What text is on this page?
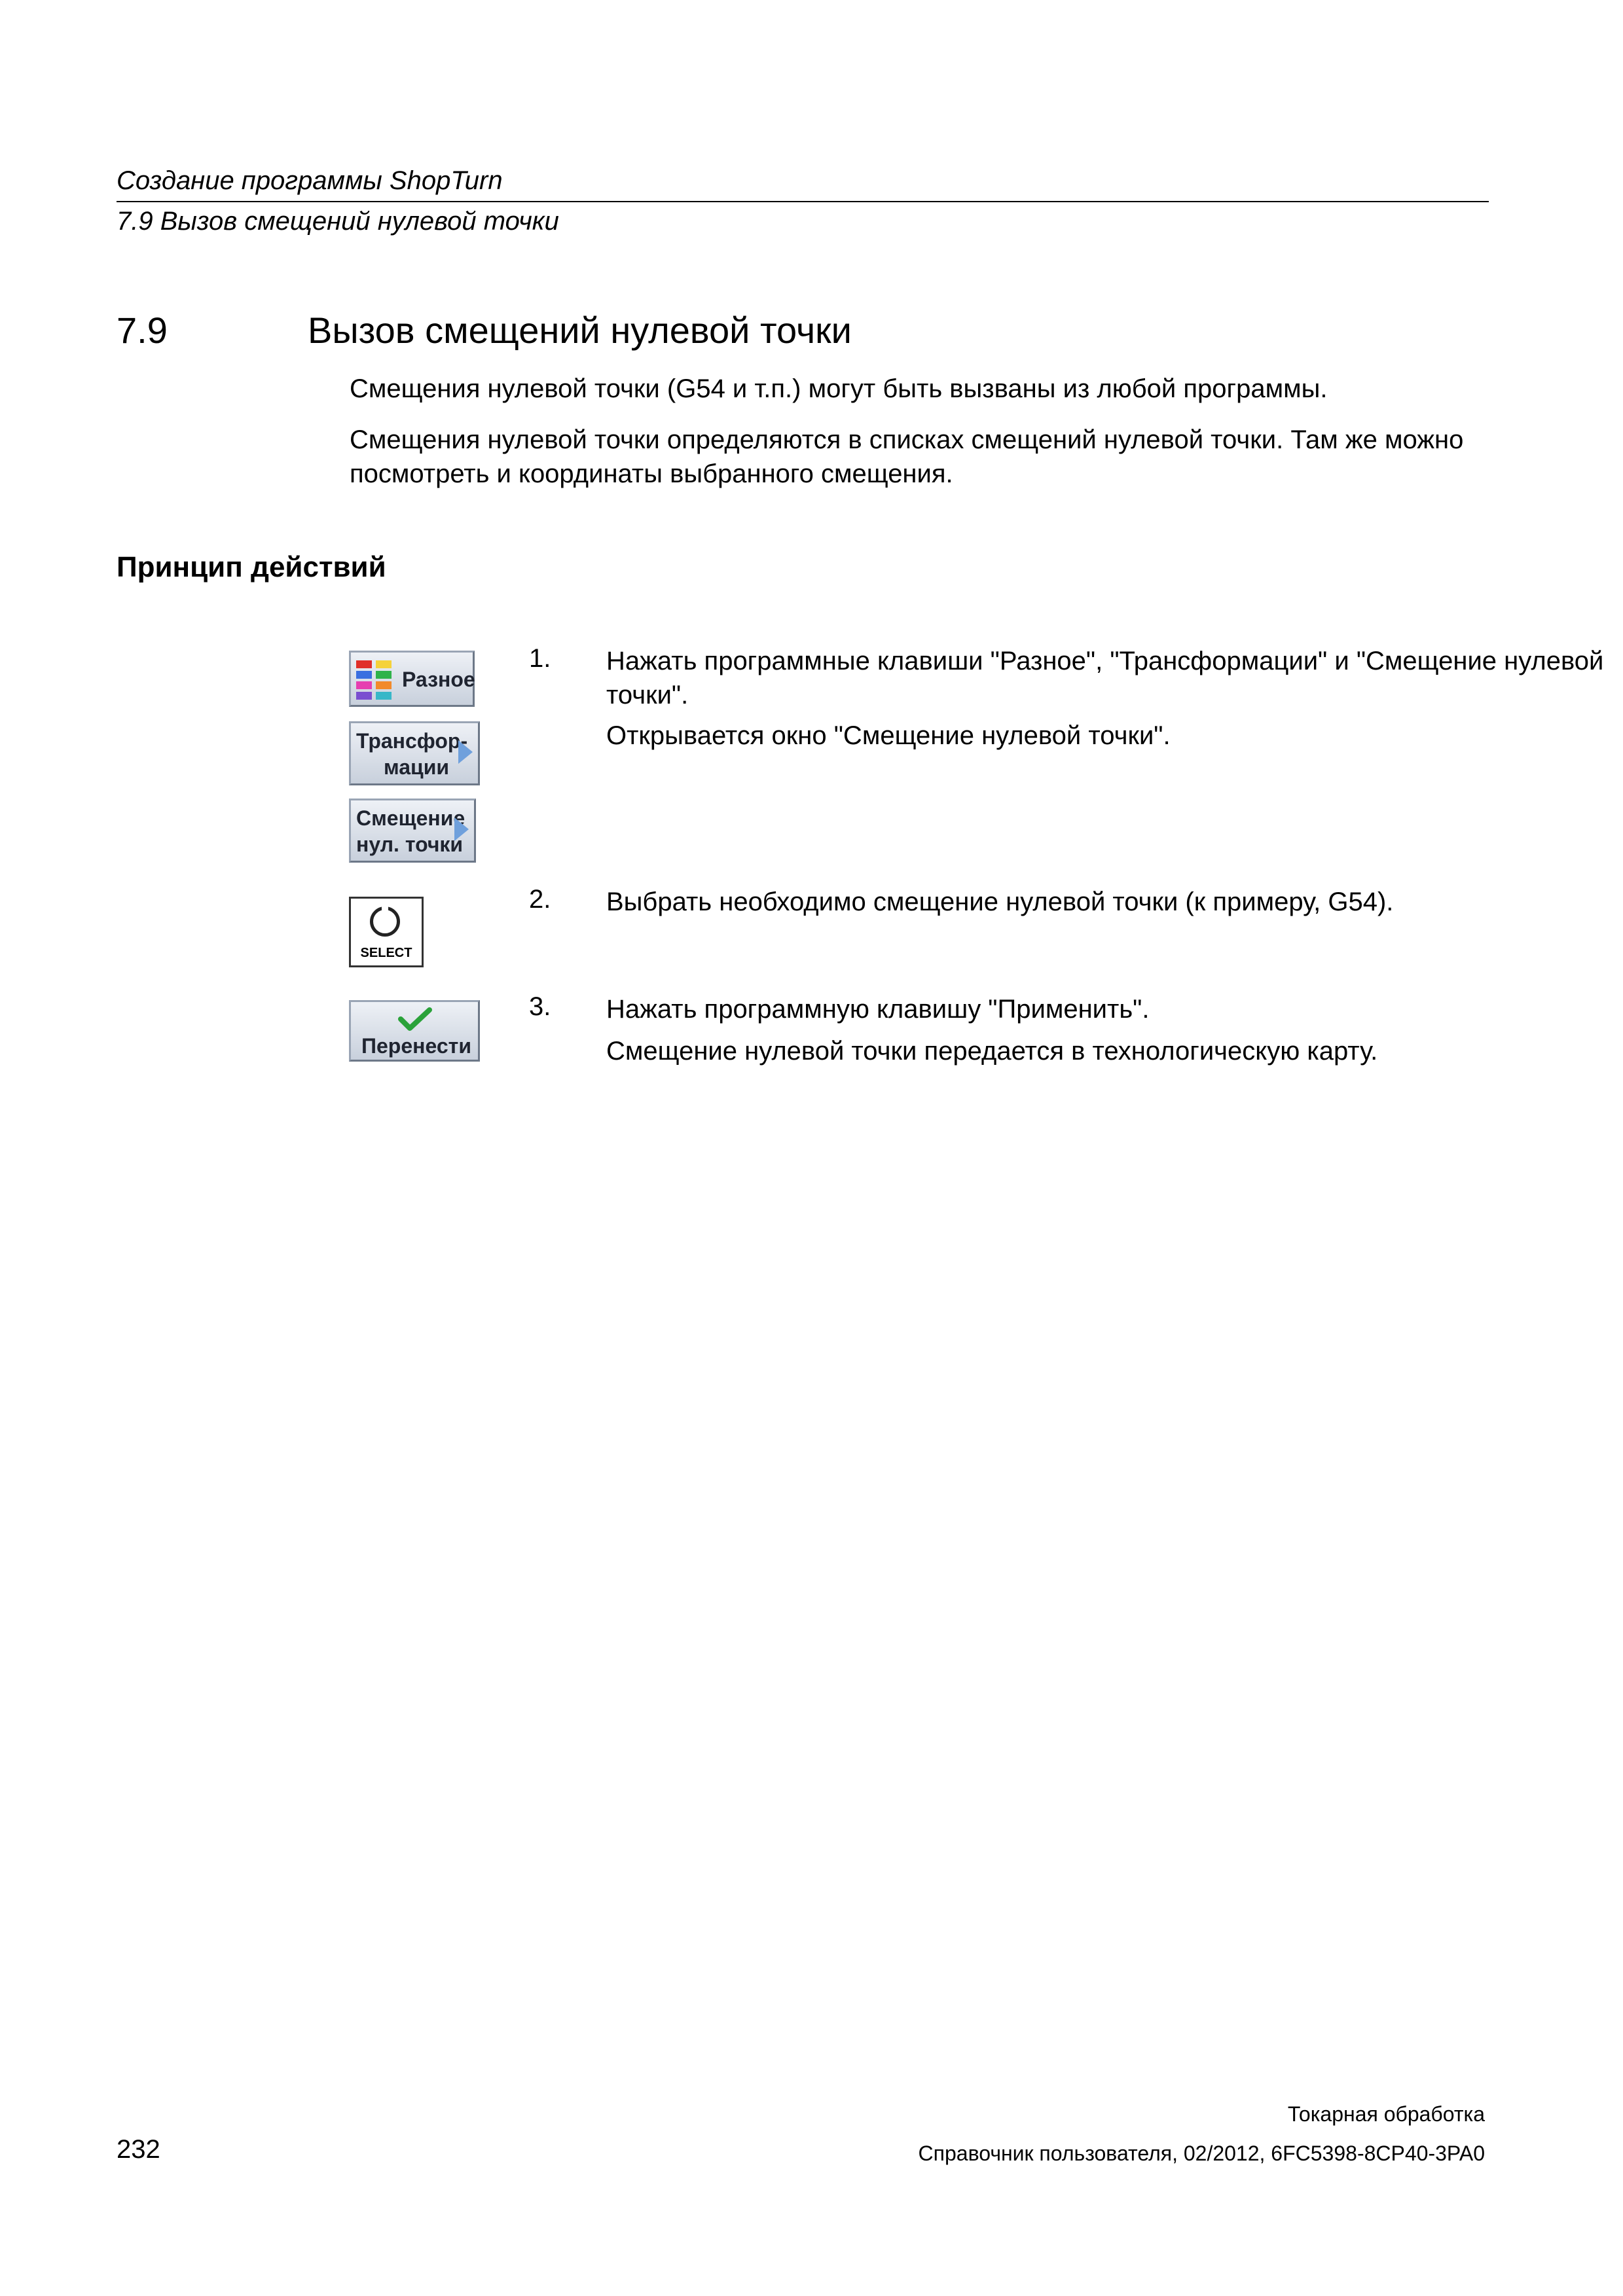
Создание программы ShopTurn
7.9 Вызов смещений нулевой точки
7.9	Вызов смещений нулевой точки
Смещения нулевой точки (G54 и т.п.) могут быть вызваны из любой программы.
Смещения нулевой точки определяются в списках смещений нулевой точки. Там же можно посмотреть и координаты выбранного смещения.
Принцип действий
Разное
Трансфор-
мации
Смещение
нул. точки
SELECT
Перенести
1. Нажать программные клавиши "Разное", "Трансформации" и "Смещение нулевой точки".
Открывается окно "Смещение нулевой точки".
2. Выбрать необходимо смещение нулевой точки (к примеру, G54).
3. Нажать программную клавишу "Применить".
Смещение нулевой точки передается в технологическую карту.
Токарная обработка
232	Справочник пользователя, 02/2012, 6FC5398-8CP40-3PA0
